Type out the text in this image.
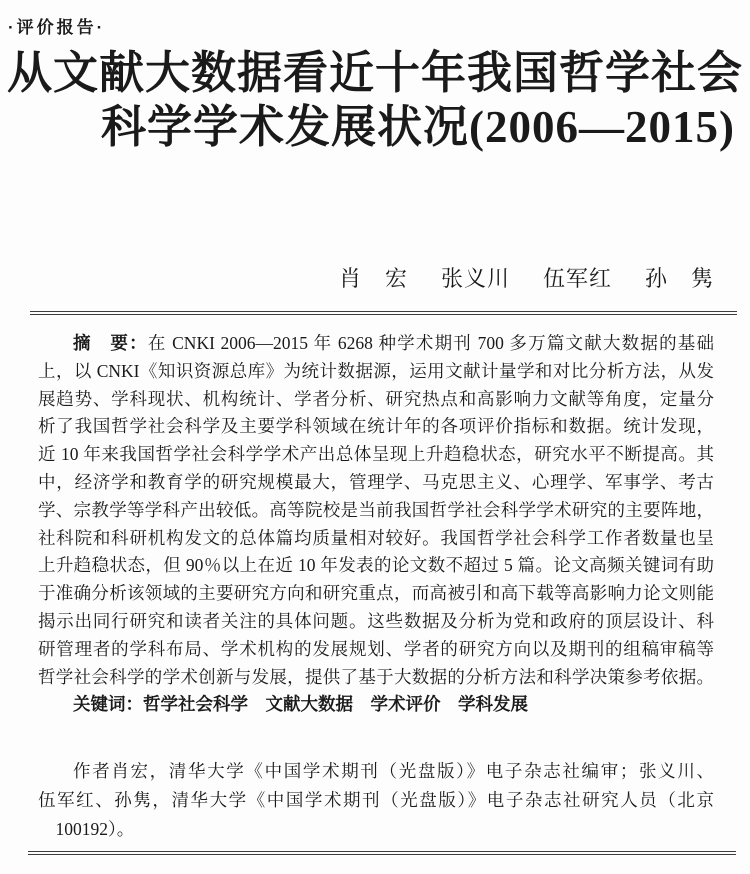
·评价报告·
从文献大数据看近十年我国哲学社会
科学学术发展状况(2006—2015)
肖　宏 张义川 伍军红 孙　隽
摘　要：在 CNKI 2006—2015 年 6268 种学术期刊 700 多万篇文献大数据的基础
上，以 CNKI《知识资源总库》为统计数据源，运用文献计量学和对比分析方法，从发
展趋势、学科现状、机构统计、学者分析、研究热点和高影响力文献等角度，定量分
析了我国哲学社会科学及主要学科领域在统计年的各项评价指标和数据。统计发现，
近 10 年来我国哲学社会科学学术产出总体呈现上升趋稳状态，研究水平不断提高。其
中，经济学和教育学的研究规模最大，管理学、马克思主义、心理学、军事学、考古
学、宗教学等学科产出较低。高等院校是当前我国哲学社会科学学术研究的主要阵地，
社科院和科研机构发文的总体篇均质量相对较好。我国哲学社会科学工作者数量也呈
上升趋稳状态，但 90％以上在近 10 年发表的论文数不超过 5 篇。论文高频关键词有助
于准确分析该领域的主要研究方向和研究重点，而高被引和高下载等高影响力论文则能
揭示出同行研究和读者关注的具体问题。这些数据及分析为党和政府的顶层设计、科
研管理者的学科布局、学术机构的发展规划、学者的研究方向以及期刊的组稿审稿等
哲学社会科学的学术创新与发展，提供了基于大数据的分析方法和科学决策参考依据。
关键词：哲学社会科学 文献大数据 学术评价 学科发展
作者肖宏，清华大学《中国学术期刊（光盘版）》电子杂志社编审；张义川、
伍军红、孙隽，清华大学《中国学术期刊（光盘版）》电子杂志社研究人员（北京
100192）。
